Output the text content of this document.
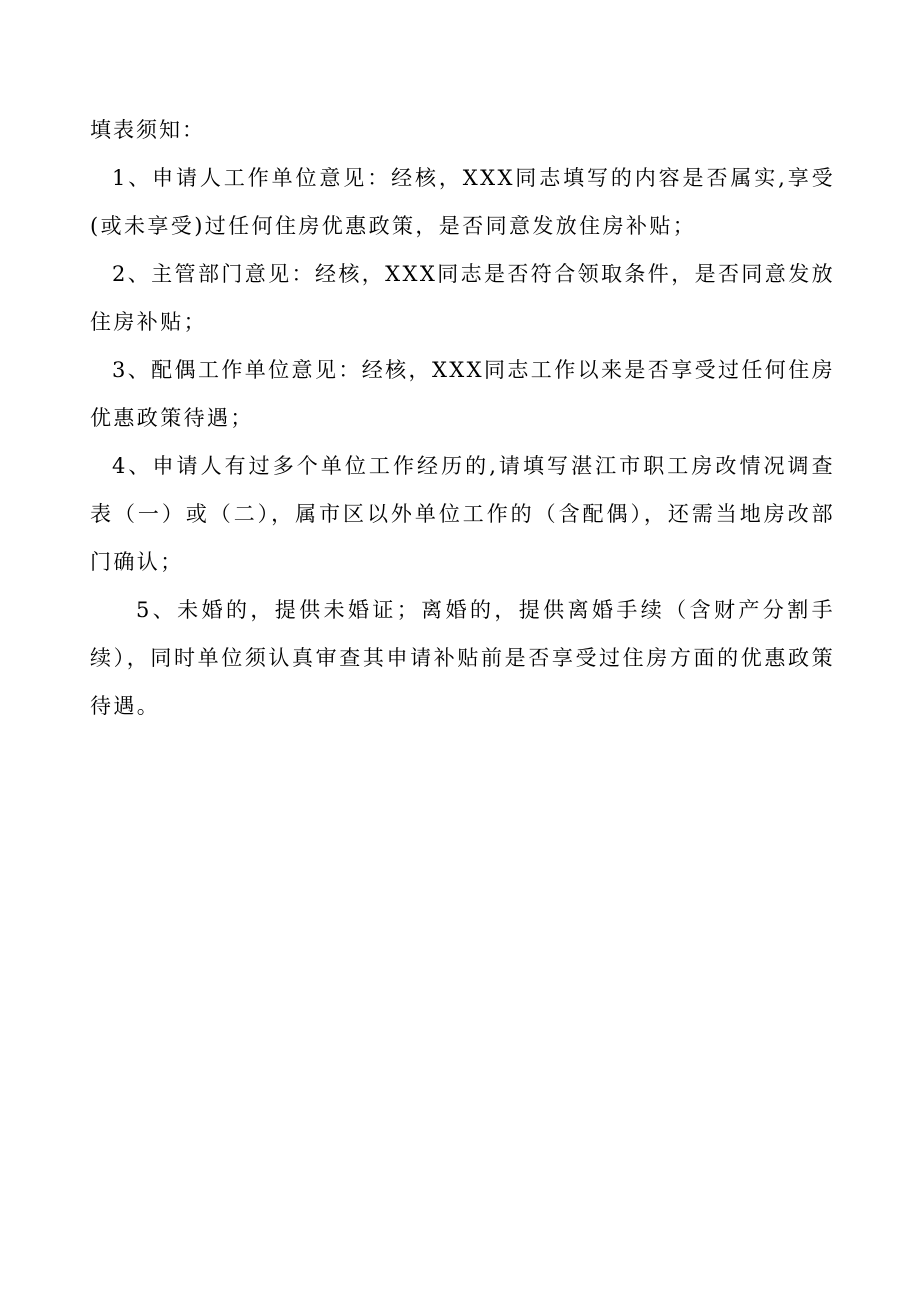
填表须知：

1、申请人工作单位意见：经核，XXX同志填写的内容是否属实,享受(或未享受)过任何住房优惠政策，是否同意发放住房补贴；

2、主管部门意见：经核，XXX同志是否符合领取条件，是否同意发放住房补贴；

3、配偶工作单位意见：经核，XXX同志工作以来是否享受过任何住房优惠政策待遇；

4、申请人有过多个单位工作经历的,请填写湛江市职工房改情况调查表（一）或（二），属市区以外单位工作的（含配偶），还需当地房改部门确认；

5、未婚的，提供未婚证；离婚的，提供离婚手续（含财产分割手续），同时单位须认真审查其申请补贴前是否享受过住房方面的优惠政策待遇。
